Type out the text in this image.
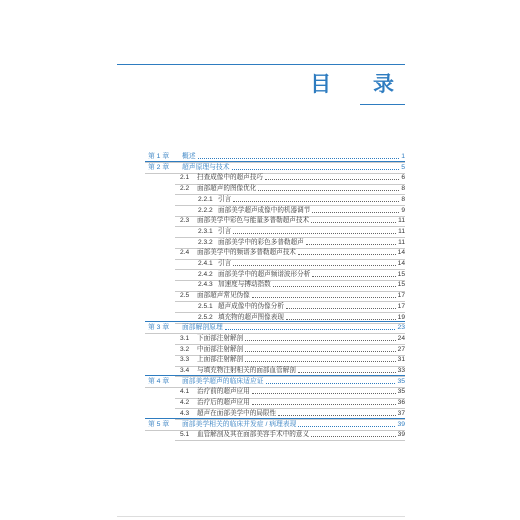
目 录
第 1 章 概述	1
第 2 章 超声原理与技术	5
2.1 扫查成像中的超声技巧	6
2.2 面部超声的图像优化	8
2.2.1 引言	8
2.2.2 面部美学超声成像中的机器调节	9
2.3 面部美学中彩色与能量多普勒超声技术	11
2.3.1 引言	11
2.3.2 面部美学中的彩色多普勒超声	11
2.4 面部美学中的频谱多普勒超声技术	14
2.4.1 引言	14
2.4.2 面部美学中的超声频谱波形分析	15
2.4.3 加速度与搏动指数	15
2.5 面部超声常见伪像	17
2.5.1 超声成像中的伪像分析	17
2.5.2 填充物的超声图像表现	19
第 3 章 面部解剖原理	23
3.1 下面部注射解剖	24
3.2 中面部注射解剖	27
3.3 上面部注射解剖	31
3.4 与填充物注射相关的面部血管解剖	33
第 4 章 面部美学超声的临床适应证	35
4.1 治疗前的超声应用	35
4.2 治疗后的超声应用	36
4.3 超声在面部美学中的局限性	37
第 5 章 面部美学相关的临床并发症 / 病理表现	39
5.1 血管解剖及其在面部美容手术中的意义	39
